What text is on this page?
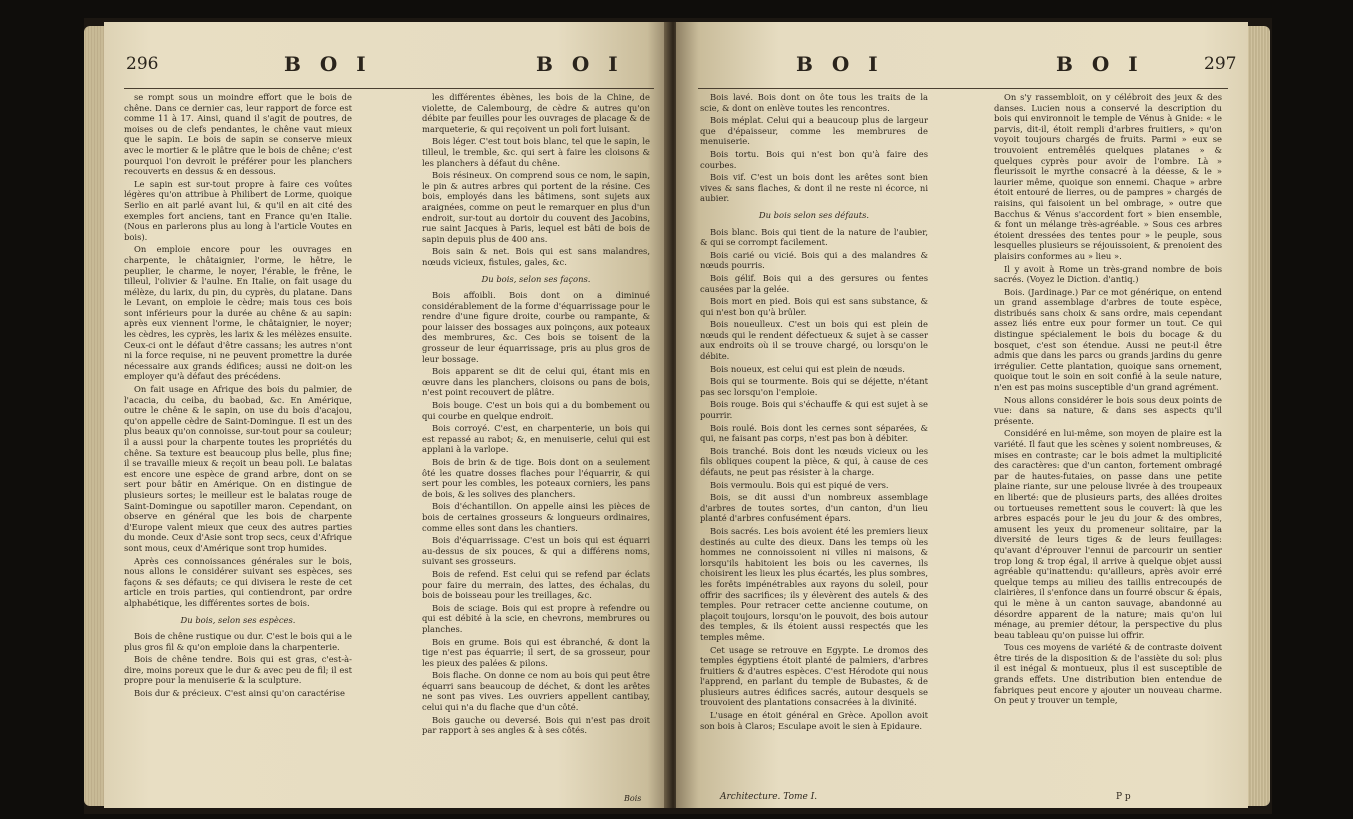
296	B O I	B O I

se rompt sous un moindre effort que le bois de chêne. Dans ce dernier cas, leur rapport de force est comme 11 à 17. Ainsi, quand il s'agit de poutres, de moises ou de clefs pendantes, le chêne vaut mieux que le sapin. Le bois de sapin se conserve mieux avec le mortier & le plâtre que le bois de chêne; c'est pourquoi l'on devroit le préférer pour les planchers recouverts en dessus & en dessous.

Le sapin est sur-tout propre à faire ces voûtes légères qu'on attribue à Philibert de Lorme, quoique Serlio en ait parlé avant lui, & qu'il en ait cité des exemples fort anciens, tant en France qu'en Italie. (Nous en parlerons plus au long à l'article Voutes en bois).

On emploie encore pour les ouvrages en charpente, le châtaignier, l'orme, le hêtre, le peuplier, le charme, le noyer, l'érable, le frêne, le tilleul, l'olivier & l'aulne. En Italie, on fait usage du mélèze, du larix, du pin, du cyprès, du platane. Dans le Levant, on emploie le cèdre; mais tous ces bois sont inférieurs pour la durée au chêne & au sapin: après eux viennent l'orme, le châtaignier, le noyer; les cèdres, les cyprès, les larix & les mélèzes ensuite. Ceux-ci ont le défaut d'être cassans; les autres n'ont ni la force requise, ni ne peuvent promettre la durée nécessaire aux grands édifices; aussi ne doit-on les employer qu'à défaut des précédens.

On fait usage en Afrique des bois du palmier, de l'acacia, du ceiba, du baobad, &c. En Amérique, outre le chêne & le sapin, on use du bois d'acajou, qu'on appelle cèdre de Saint-Domingue. Il est un des plus beaux qu'on connoisse, sur-tout pour sa couleur; il a aussi pour la charpente toutes les propriétés du chêne. Sa texture est beaucoup plus belle, plus fine; il se travaille mieux & reçoit un beau poli. Le balatas est encore une espèce de grand arbre, dont on se sert pour bâtir en Amérique. On en distingue de plusieurs sortes; le meilleur est le balatas rouge de Saint-Domingue ou sapotiller maron. Cependant, on observe en général que les bois de charpente d'Europe valent mieux que ceux des autres parties du monde. Ceux d'Asie sont trop secs, ceux d'Afrique sont mous, ceux d'Amérique sont trop humides.

Après ces connoissances générales sur le bois, nous allons le considérer suivant ses espèces, ses façons & ses défauts; ce qui divisera le reste de cet article en trois parties, qui contiendront, par ordre alphabétique, les différentes sortes de bois.

Du bois, selon ses espèces.

Bois de chêne rustique ou dur. C'est le bois qui a le plus gros fil & qu'on emploie dans la charpenterie.

Bois de chêne tendre. Bois qui est gras, c'est-à-dire, moins poreux que le dur & avec peu de fil; il est propre pour la menuiserie & la sculpture.

Bois dur & précieux. C'est ainsi qu'on caractérise

les différentes ébènes, les bois de la Chine, de violette, de Calembourg, de cèdre & autres qu'on débite par feuilles pour les ouvrages de placage & de marqueterie, & qui reçoivent un poli fort luisant.

Bois léger. C'est tout bois blanc, tel que le sapin, le tilleul, le tremble, &c. qui sert à faire les cloisons & les planchers à défaut du chêne.

Bois résineux. On comprend sous ce nom, le sapin, le pin & autres arbres qui portent de la résine. Ces bois, employés dans les bâtimens, sont sujets aux araignées, comme on peut le remarquer en plus d'un endroit, sur-tout au dortoir du couvent des Jacobins, rue saint Jacques à Paris, lequel est bâti de bois de sapin depuis plus de 400 ans.

Bois sain & net. Bois qui est sans malandres, nœuds vicieux, fistules, gales, &c.

Du bois, selon ses façons.

Bois affoibli. Bois dont on a diminué considérablement de la forme d'équarrissage pour le rendre d'une figure droite, courbe ou rampante, & pour laisser des bossages aux poinçons, aux poteaux des membrures, &c. Ces bois se toisent de la grosseur de leur équarrissage, pris au plus gros de leur bossage.

Bois apparent se dit de celui qui, étant mis en œuvre dans les planchers, cloisons ou pans de bois, n'est point recouvert de plâtre.

Bois bouge. C'est un bois qui a du bombement ou qui courbe en quelque endroit.

Bois corroyé. C'est, en charpenterie, un bois qui est repassé au rabot; &, en menuiserie, celui qui est applani à la varlope.

Bois de brin & de tige. Bois dont on a seulement ôté les quatre dosses flaches pour l'équarrir, & qui sert pour les combles, les poteaux corniers, les pans de bois, & les solives des planchers.

Bois d'échantillon. On appelle ainsi les pièces de bois de certaines grosseurs & longueurs ordinaires, comme elles sont dans les chantiers.

Bois d'équarrissage. C'est un bois qui est équarri au-dessus de six pouces, & qui a différens noms, suivant ses grosseurs.

Bois de refend. Est celui qui se refend par éclats pour faire du merrain, des lattes, des échalas, du bois de boisseau pour les treillages, &c.

Bois de sciage. Bois qui est propre à refendre ou qui est débité à la scie, en chevrons, membrures ou planches.

Bois en grume. Bois qui est ébranché, & dont la tige n'est pas équarrie; il sert, de sa grosseur, pour les pieux des palées & pilons.

Bois flache. On donne ce nom au bois qui peut être équarri sans beaucoup de déchet, & dont les arêtes ne sont pas vives. Les ouvriers appellent cantibay, celui qui n'a du flache que d'un côté.

Bois gauche ou deversé. Bois qui n'est pas droit par rapport à ses angles & à ses côtés.

Bois
B O I	B O I	297

Bois lavé. Bois dont on ôte tous les traits de la scie, & dont on enlève toutes les rencontres.

Bois méplat. Celui qui a beaucoup plus de largeur que d'épaisseur, comme les membrures de menuiserie.

Bois tortu. Bois qui n'est bon qu'à faire des courbes.

Bois vif. C'est un bois dont les arêtes sont bien vives & sans flaches, & dont il ne reste ni écorce, ni aubier.

Du bois selon ses défauts.

Bois blanc. Bois qui tient de la nature de l'aubier, & qui se corrompt facilement.

Bois carié ou vicié. Bois qui a des malandres & nœuds pourris.

Bois gélif. Bois qui a des gersures ou fentes causées par la gelée.

Bois mort en pied. Bois qui est sans substance, & qui n'est bon qu'à brûler.

Bois noueulleux. C'est un bois qui est plein de nœuds qui le rendent défectueux & sujet à se casser aux endroits où il se trouve chargé, ou lorsqu'on le débite.

Bois noueux, est celui qui est plein de nœuds.

Bois qui se tourmente. Bois qui se déjette, n'étant pas sec lorsqu'on l'emploie.

Bois rouge. Bois qui s'échauffe & qui est sujet à se pourrir.

Bois roulé. Bois dont les cernes sont séparées, & qui, ne faisant pas corps, n'est pas bon à débiter.

Bois tranché. Bois dont les nœuds vicieux ou les fils obliques coupent la pièce, & qui, à cause de ces défauts, ne peut pas résister à la charge.

Bois vermoulu. Bois qui est piqué de vers.

Bois, se dit aussi d'un nombreux assemblage d'arbres de toutes sortes, d'un canton, d'un lieu planté d'arbres confusément épars.

Bois sacrés. Les bois avoient été les premiers lieux destinés au culte des dieux. Dans les temps où les hommes ne connoissoient ni villes ni maisons, & lorsqu'ils habitoient les bois ou les cavernes, ils choisirent les lieux les plus écartés, les plus sombres, les forêts impénétrables aux rayons du soleil, pour offrir des sacrifices; ils y élevèrent des autels & des temples. Pour retracer cette ancienne coutume, on plaçoit toujours, lorsqu'on le pouvoit, des bois autour des temples, & ils étoient aussi respectés que les temples même.

Cet usage se retrouve en Egypte. Le dromos des temples égyptiens étoit planté de palmiers, d'arbres fruitiers & d'autres espèces. C'est Hérodote qui nous l'apprend, en parlant du temple de Bubastes, & de plusieurs autres édifices sacrés, autour desquels se trouvoient des plantations consacrées à la divinité.

L'usage en étoit général en Grèce. Apollon avoit son bois à Claros; Esculape avoit le sien à Epidaure.

Architecture. Tome I.

On s'y rassembloit, on y célébroit des jeux & des danses. Lucien nous a conservé la description du bois qui environnoit le temple de Vénus à Gnide: « le parvis, dit-il, étoit rempli d'arbres fruitiers, » qu'on voyoit toujours chargés de fruits. Parmi » eux se trouvoient entremêlés quelques platanes » & quelques cyprès pour avoir de l'ombre. Là » fleurissoit le myrthe consacré à la déesse, & le » laurier même, quoique son ennemi. Chaque » arbre étoit entouré de lierres, ou de pampres » chargés de raisins, qui faisoient un bel ombrage, » outre que Bacchus & Vénus s'accordent fort » bien ensemble, & font un mélange très-agréable. » Sous ces arbres étoient dressées des tentes pour » le peuple, sous lesquelles plusieurs se réjouissoient, & prenoient des plaisirs conformes au » lieu ».

Il y avoit à Rome un très-grand nombre de bois sacrés. (Voyez le Diction. d'antiq.)

Bois. (Jardinage.) Par ce mot générique, on entend un grand assemblage d'arbres de toute espèce, distribués sans choix & sans ordre, mais cependant assez liés entre eux pour former un tout. Ce qui distingue spécialement le bois du bocage & du bosquet, c'est son étendue. Aussi ne peut-il être admis que dans les parcs ou grands jardins du genre irrégulier. Cette plantation, quoique sans ornement, quoique tout le soin en soit confié à la seule nature, n'en est pas moins susceptible d'un grand agrément.

Nous allons considérer le bois sous deux points de vue: dans sa nature, & dans ses aspects qu'il présente.

Considéré en lui-même, son moyen de plaire est la variété. Il faut que les scènes y soient nombreuses, & mises en contraste; car le bois admet la multiplicité des caractères: que d'un canton, fortement ombragé par de hautes-futaies, on passe dans une petite plaine riante, sur une pelouse livrée à des troupeaux en liberté: que de plusieurs parts, des allées droites ou tortueuses remettent sous le couvert: là que les arbres espacés pour le jeu du jour & des ombres, amusent les yeux du promeneur solitaire, par la diversité de leurs tiges & de leurs feuillages: qu'avant d'éprouver l'ennui de parcourir un sentier trop long & trop égal, il arrive à quelque objet aussi agréable qu'inattendu: qu'ailleurs, après avoir erré quelque temps au milieu des taillis entrecoupés de clairières, il s'enfonce dans un fourré obscur & épais, qui le mène à un canton sauvage, abandonné au désordre apparent de la nature; mais qu'on lui ménage, au premier détour, la perspective du plus beau tableau qu'on puisse lui offrir.

Tous ces moyens de variété & de contraste doivent être tirés de la disposition & de l'assiète du sol: plus il est inégal & montueux, plus il est susceptible de grands effets. Une distribution bien entendue de fabriques peut encore y ajouter un nouveau charme. On peut y trouver un temple,

P p
